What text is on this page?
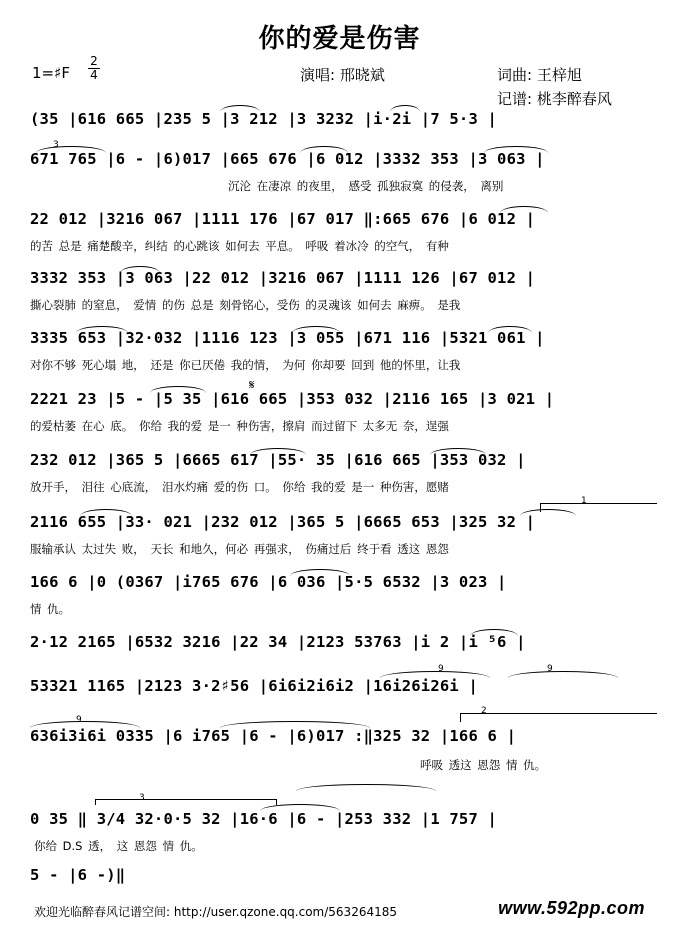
你的爱是伤害
1=♯F
2
4	演唱: 邢晓斌	词曲: 王梓旭
记谱: 桃李醉春风
(35 |616 665 |235 5 |3 212 |3 3232 |i·2i |7 5·3 |
671 765 |6 - |6)017 |665 676 |6 012 |3332 353 |3 063 |
沉沦 在凄凉 的夜里， 感受 孤独寂寞 的侵袭， 离别
22 012 |3216 067 |1111 176 |67 017 ‖:665 676 |6 012 |
的苦 总是 痛楚酸辛，纠结 的心跳该 如何去 平息。 呼吸 着冰冷 的空气， 有种
3332 353 |3 063 |22 012 |3216 067 |1111 126 |67 012 |
撕心裂肺 的窒息， 爱情 的伤 总是 刻骨铭心，受伤 的灵魂该 如何去 麻痹。 是我
3335 653 |32·032 |1116 123 |3 055 |671 116 |5321 061 |
对你不够 死心塌 地， 还是 你已厌倦 我的情， 为何 你却要 回到 他的怀里，让我
2221 23 |5 - |5 35 |616 665 |353 032 |2116 165 |3 021 |
的爱枯萎 在心 底。 你给 我的爱 是一 种伤害，擦肩 而过留下 太多无 奈，逞强
232 012 |365 5 |6665 617 |55· 35 |616 665 |353 032 |
放开手， 泪往 心底流， 泪水灼痛 爱的伤 口。 你给 我的爱 是一 种伤害，愿赌
2116 655 |33· 021 |232 012 |365 5 |6665 653 |325 32 |
服输承认 太过失 败， 天长 和地久，何必 再强求， 伤痛过后 终于看 透这 恩怨
166 6 |0 (0367 |i765 676 |6 036 |5·5 6532 |3 023 |
情 仇。
2·12 2165 |6532 3216 |22 34 |2123 53763 |i 2 |i ⁵6 |
53321 1165 |2123 3·2♯56 |6i6i2i6i2 |16i26i26i |
636i3i6i 0335 |6 i765 |6 - |6)017 :‖325 32 |166 6 |
呼吸 透这 恩怨 情 仇。
0 35 ‖ 3/4 32·0·5 32 |16·6 |6 - |253 332 |1 757 |
你给 D.S 透， 这 恩怨 情 仇。
5 - |6 -)‖
3
9	9
9
1
2
3
𝄋
欢迎光临醉春风记谱空间: http://user.qzone.qq.com/563264185	www.592pp.com
